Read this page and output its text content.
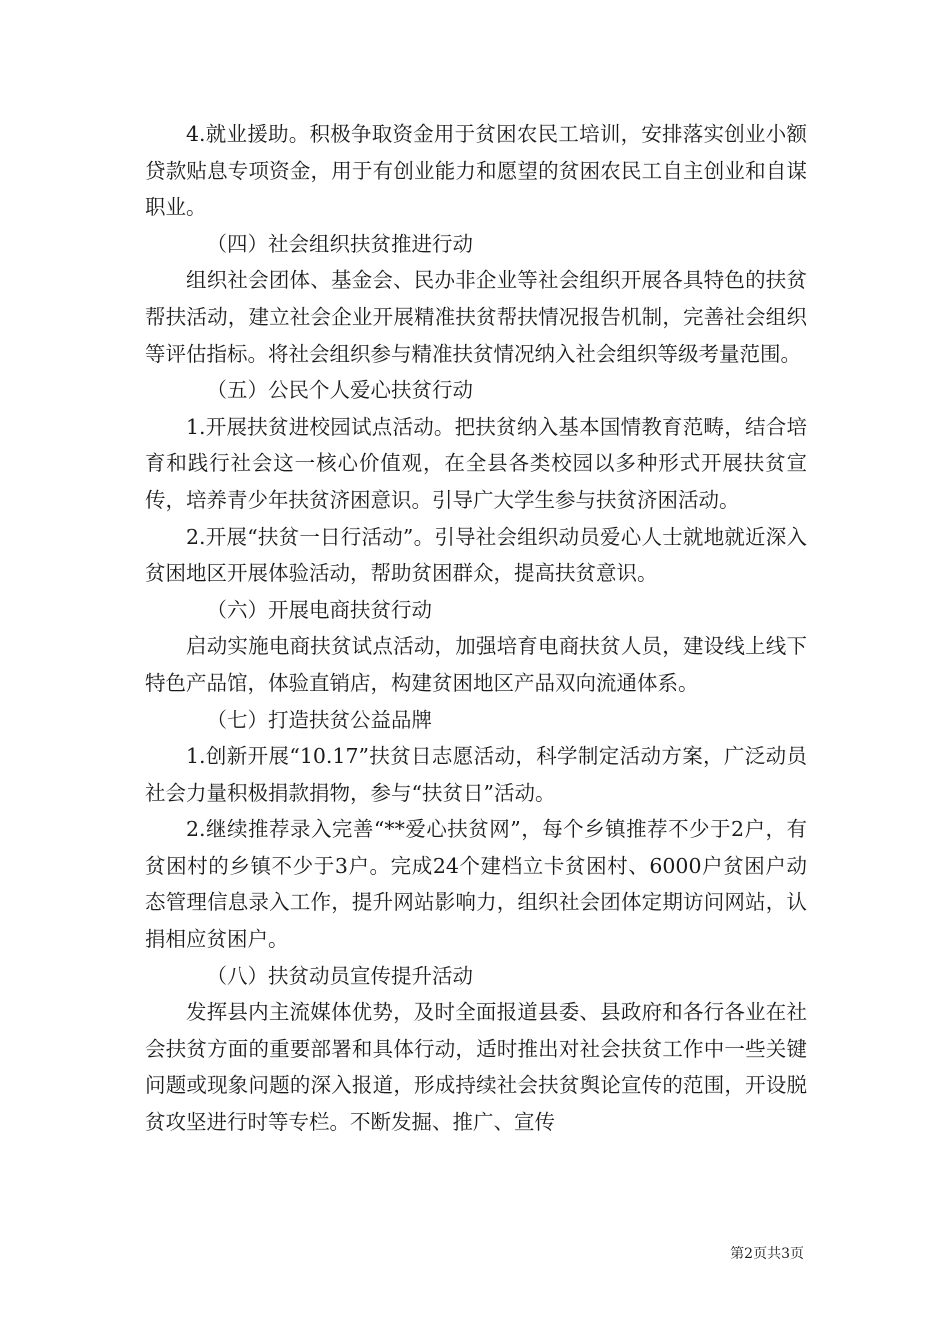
4.就业援助。积极争取资金用于贫困农民工培训，安排落实创业小额贷款贴息专项资金，用于有创业能力和愿望的贫困农民工自主创业和自谋职业。

（四）社会组织扶贫推进行动

组织社会团体、基金会、民办非企业等社会组织开展各具特色的扶贫帮扶活动，建立社会企业开展精准扶贫帮扶情况报告机制，完善社会组织等评估指标。将社会组织参与精准扶贫情况纳入社会组织等级考量范围。

（五）公民个人爱心扶贫行动

1.开展扶贫进校园试点活动。把扶贫纳入基本国情教育范畴，结合培育和践行社会这一核心价值观，在全县各类校园以多种形式开展扶贫宣传，培养青少年扶贫济困意识。引导广大学生参与扶贫济困活动。

2.开展“扶贫一日行活动”。引导社会组织动员爱心人士就地就近深入贫困地区开展体验活动，帮助贫困群众，提高扶贫意识。

（六）开展电商扶贫行动

启动实施电商扶贫试点活动，加强培育电商扶贫人员，建设线上线下特色产品馆，体验直销店，构建贫困地区产品双向流通体系。

（七）打造扶贫公益品牌

1.创新开展“10.17”扶贫日志愿活动，科学制定活动方案，广泛动员社会力量积极捐款捐物，参与“扶贫日”活动。

2.继续推荐录入完善“**爱心扶贫网”，每个乡镇推荐不少于2户，有贫困村的乡镇不少于3户。完成24个建档立卡贫困村、6000户贫困户动态管理信息录入工作，提升网站影响力，组织社会团体定期访问网站，认捐相应贫困户。

（八）扶贫动员宣传提升活动

发挥县内主流媒体优势，及时全面报道县委、县政府和各行各业在社会扶贫方面的重要部署和具体行动，适时推出对社会扶贫工作中一些关键问题或现象问题的深入报道，形成持续社会扶贫舆论宣传的范围，开设脱贫攻坚进行时等专栏。不断发掘、推广、宣传

第2页共3页
